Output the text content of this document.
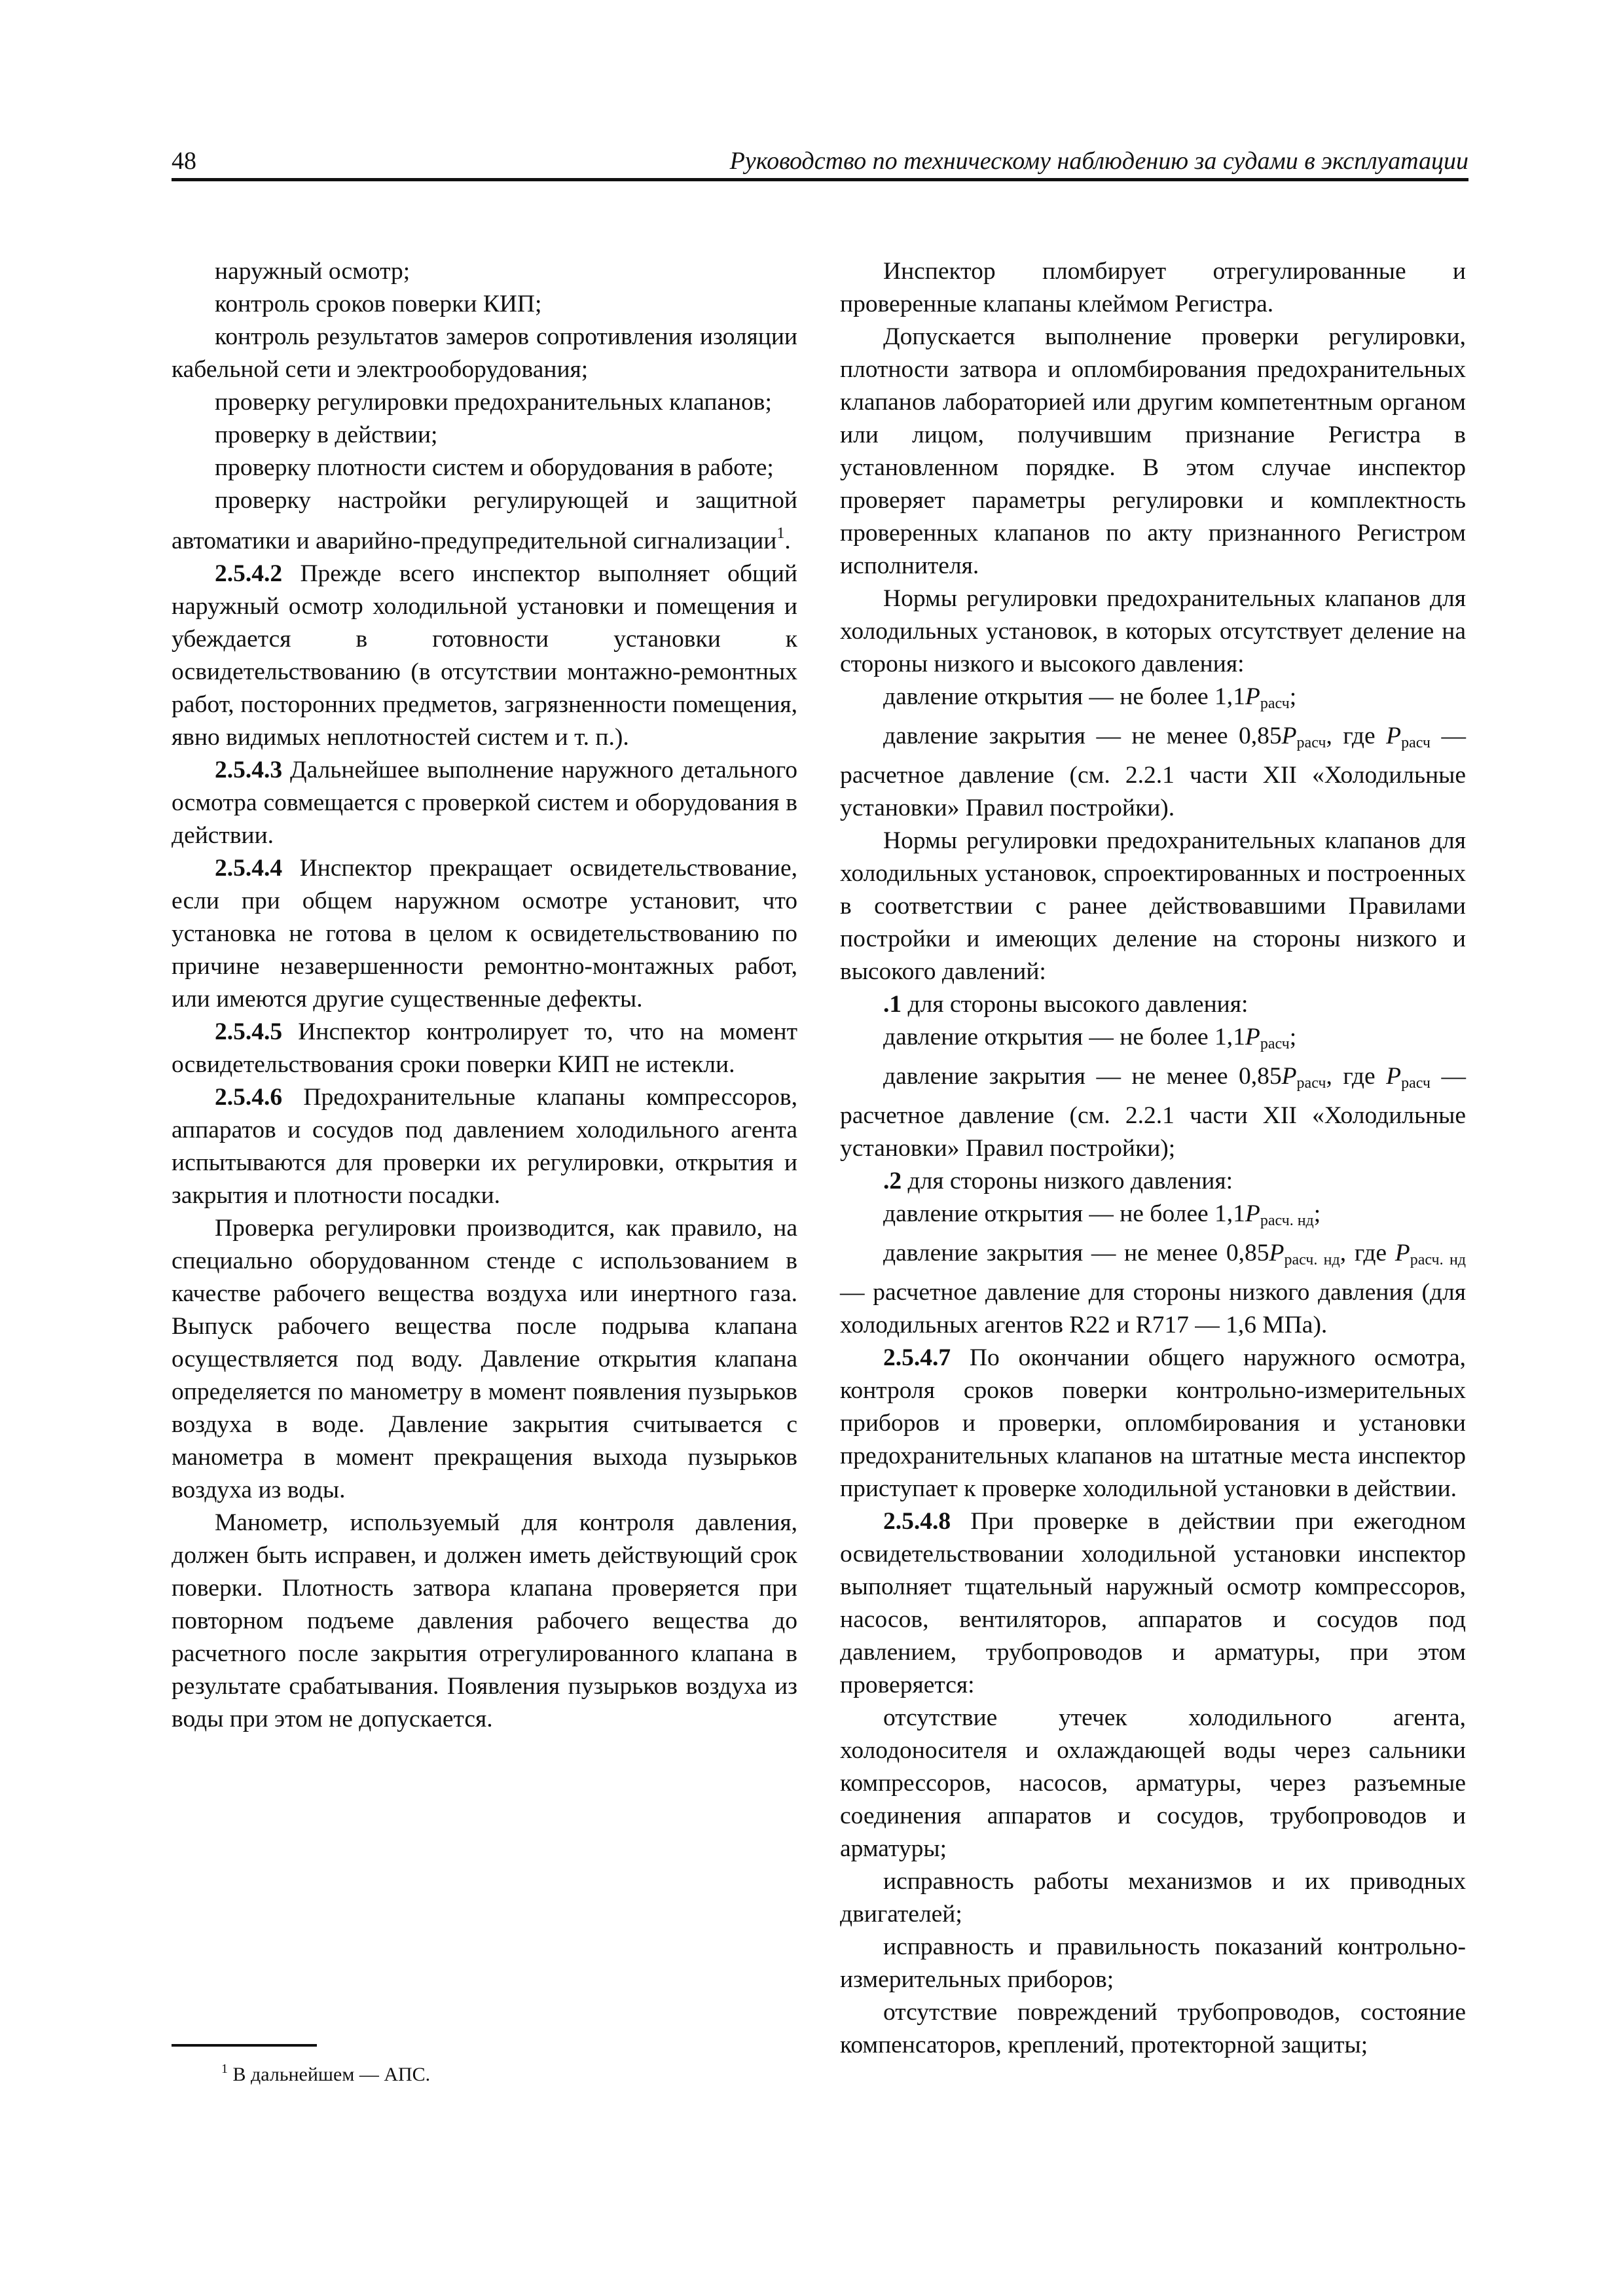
48	Руководство по техническому наблюдению за судами в эксплуатации

наружный осмотр;

контроль сроков поверки КИП;

контроль результатов замеров сопротивления изоляции кабельной сети и электрооборудования;

проверку регулировки предохранительных клапанов;

проверку в действии;

проверку плотности систем и оборудования в работе;

проверку настройки регулирующей и защитной автоматики и аварийно-предупредительной сигнализации$^1$.

2.5.4.2 Прежде всего инспектор выполняет общий наружный осмотр холодильной установки и помещения и убеждается в готовности установки к освидетельствованию (в отсутствии монтажно-ремонтных работ, посторонних предметов, загрязненности помещения, явно видимых неплотностей систем и т. п.).

2.5.4.3 Дальнейшее выполнение наружного детального осмотра совмещается с проверкой систем и оборудования в действии.

2.5.4.4 Инспектор прекращает освидетельствование, если при общем наружном осмотре установит, что установка не готова в целом к освидетельствованию по причине незавершенности ремонтно-монтажных работ, или имеются другие существенные дефекты.

2.5.4.5 Инспектор контролирует то, что на момент освидетельствования сроки поверки КИП не истекли.

2.5.4.6 Предохранительные клапаны компрессоров, аппаратов и сосудов под давлением холодильного агента испытываются для проверки их регулировки, открытия и закрытия и плотности посадки.

Проверка регулировки производится, как правило, на специально оборудованном стенде с использованием в качестве рабочего вещества воздуха или инертного газа. Выпуск рабочего вещества после подрыва клапана осуществляется под воду. Давление открытия клапана определяется по манометру в момент появления пузырьков воздуха в воде. Давление закрытия считывается с манометра в момент прекращения выхода пузырьков воздуха из воды.

Манометр, используемый для контроля давления, должен быть исправен, и должен иметь действующий срок поверки. Плотность затвора клапана проверяется при повторном подъеме давления рабочего вещества до расчетного после закрытия отрегулированного клапана в результате срабатывания. Появления пузырьков воздуха из воды при этом не допускается.

Инспектор пломбирует отрегулированные и проверенные клапаны клеймом Регистра.

Допускается выполнение проверки регулировки, плотности затвора и опломбирования предохранительных клапанов лабораторией или другим компетентным органом или лицом, получившим признание Регистра в установленном порядке. В этом случае инспектор проверяет параметры регулировки и комплектность проверенных клапанов по акту признанного Регистром исполнителя.

Нормы регулировки предохранительных клапанов для холодильных установок, в которых отсутствует деление на стороны низкого и высокого давления:

давление открытия — не более $1,1P_{расч}$;

давление закрытия — не менее $0,85P_{расч}$, где $P_{расч}$ — расчетное давление (см. 2.2.1 части XII «Холодильные установки» Правил постройки).

Нормы регулировки предохранительных клапанов для холодильных установок, спроектированных и построенных в соответствии с ранее действовавшими Правилами постройки и имеющих деление на стороны низкого и высокого давлений:

.1 для стороны высокого давления:

давление открытия — не более $1,1P_{расч}$;

давление закрытия — не менее $0,85P_{расч}$, где $P_{расч}$ — расчетное давление (см. 2.2.1 части XII «Холодильные установки» Правил постройки);

.2 для стороны низкого давления:

давление открытия — не более $1,1P_{расч. нд}$;

давление закрытия — не менее $0,85P_{расч. нд}$, где $P_{расч. нд}$ — расчетное давление для стороны низкого давления (для холодильных агентов R22 и R717 — 1,6 МПа).

2.5.4.7 По окончании общего наружного осмотра, контроля сроков поверки контрольно-измерительных приборов и проверки, опломбирования и установки предохранительных клапанов на штатные места инспектор приступает к проверке холодильной установки в действии.

2.5.4.8 При проверке в действии при ежегодном освидетельствовании холодильной установки инспектор выполняет тщательный наружный осмотр компрессоров, насосов, вентиляторов, аппаратов и сосудов под давлением, трубопроводов и арматуры, при этом проверяется:

отсутствие утечек холодильного агента, холодоносителя и охлаждающей воды через сальники компрессоров, насосов, арматуры, через разъемные соединения аппаратов и сосудов, трубопроводов и арматуры;

исправность работы механизмов и их приводных двигателей;

исправность и правильность показаний контрольно-измерительных приборов;

отсутствие повреждений трубопроводов, состояние компенсаторов, креплений, протекторной защиты;

$^1$ В дальнейшем — АПС.
